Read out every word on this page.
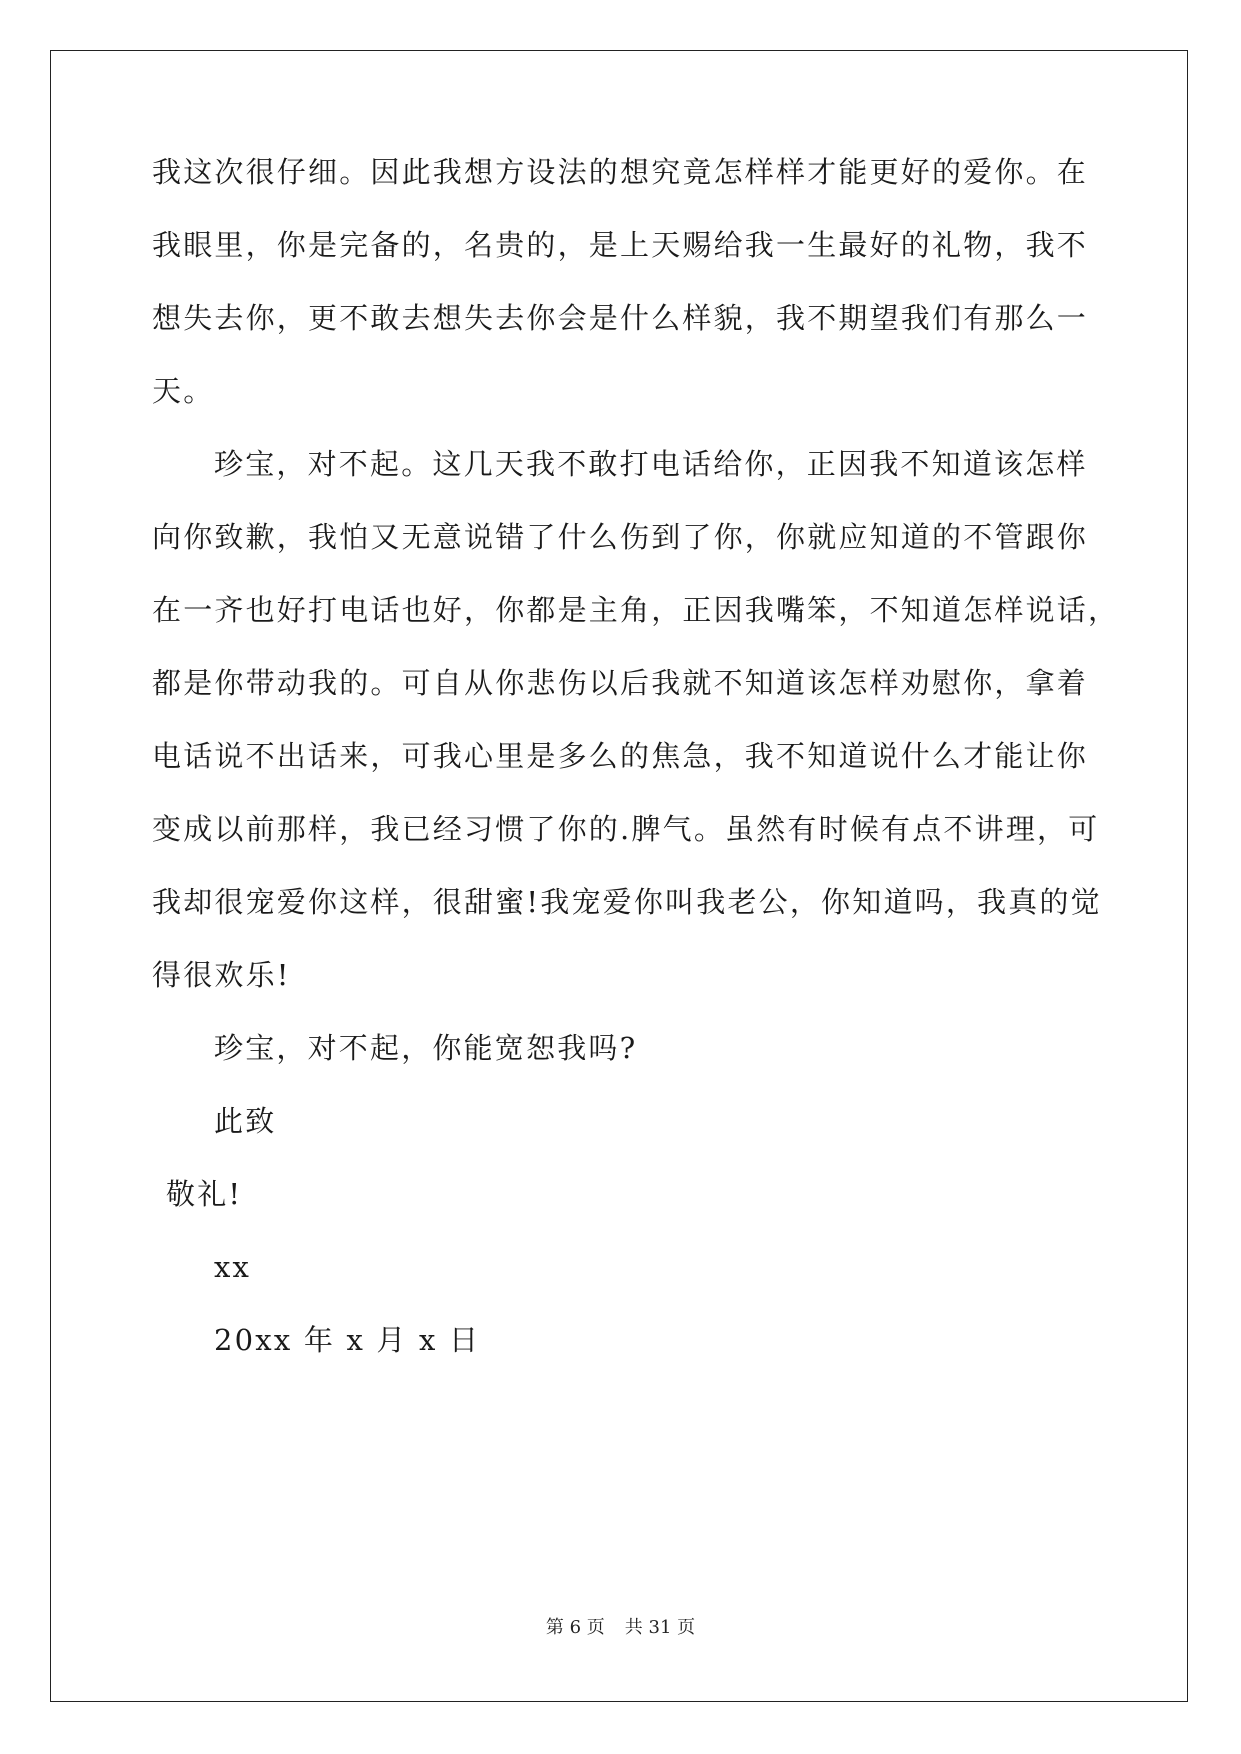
我这次很仔细。因此我想方设法的想究竟怎样样才能更好的爱你。在
我眼里，你是完备的，名贵的，是上天赐给我一生最好的礼物，我不
想失去你，更不敢去想失去你会是什么样貌，我不期望我们有那么一
天。
珍宝，对不起。这几天我不敢打电话给你，正因我不知道该怎样
向你致歉，我怕又无意说错了什么伤到了你，你就应知道的不管跟你
在一齐也好打电话也好，你都是主角，正因我嘴笨，不知道怎样说话，
都是你带动我的。可自从你悲伤以后我就不知道该怎样劝慰你，拿着
电话说不出话来，可我心里是多么的焦急，我不知道说什么才能让你
变成以前那样，我已经习惯了你的.脾气。虽然有时候有点不讲理，可
我却很宠爱你这样，很甜蜜!我宠爱你叫我老公，你知道吗，我真的觉
得很欢乐!
珍宝，对不起，你能宽恕我吗?
此致
敬礼!
xx
20xx 年 x 月 x 日
第 6 页 共 31 页
